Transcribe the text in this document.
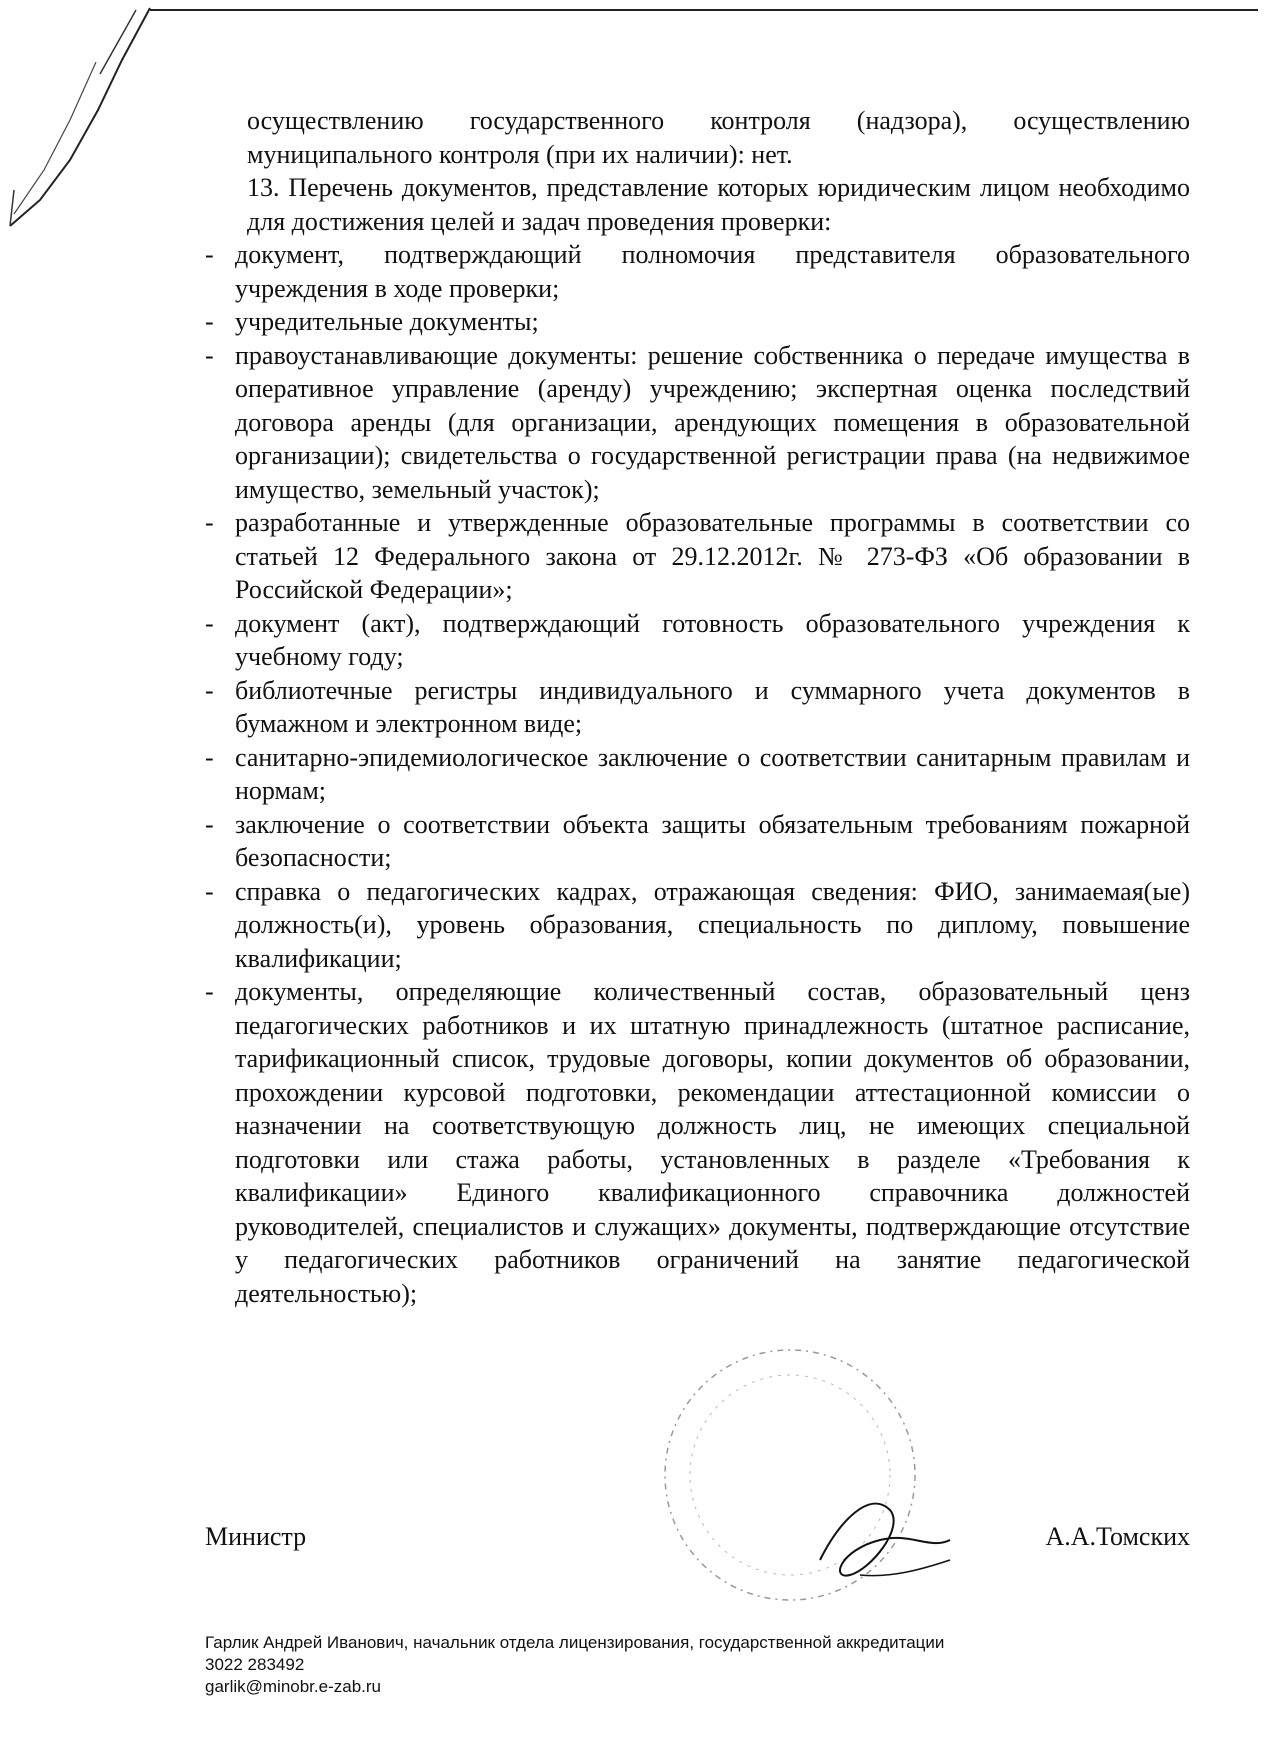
осуществлению государственного контроля (надзора), осуществлению муниципального контроля (при их наличии): нет.

13. Перечень документов, представление которых юридическим лицом необходимо для достижения целей и задач проведения проверки:

- документ, подтверждающий полномочия представителя образовательного учреждения в ходе проверки;
- учредительные документы;
- правоустанавливающие документы: решение собственника о передаче имущества в оперативное управление (аренду) учреждению; экспертная оценка последствий договора аренды (для организации, арендующих помещения в образовательной организации); свидетельства о государственной регистрации права (на недвижимое имущество, земельный участок);
- разработанные и утвержденные образовательные программы в соответствии со статьей 12 Федерального закона от 29.12.2012г. № 273-ФЗ «Об образовании в Российской Федерации»;
- документ (акт), подтверждающий готовность образовательного учреждения к учебному году;
- библиотечные регистры индивидуального и суммарного учета документов в бумажном и электронном виде;
- санитарно-эпидемиологическое заключение о соответствии санитарным правилам и нормам;
- заключение о соответствии объекта защиты обязательным требованиям пожарной безопасности;
- справка о педагогических кадрах, отражающая сведения: ФИО, занимаемая(ые) должность(и), уровень образования, специальность по диплому, повышение квалификации;
- документы, определяющие количественный состав, образовательный ценз педагогических работников и их штатную принадлежность (штатное расписание, тарификационный список, трудовые договоры, копии документов об образовании, прохождении курсовой подготовки, рекомендации аттестационной комиссии о назначении на соответствующую должность лиц, не имеющих специальной подготовки или стажа работы, установленных в разделе «Требования к квалификации» Единого квалификационного справочника должностей руководителей, специалистов и служащих» документы, подтверждающие отсутствие у педагогических работников ограничений на занятие педагогической деятельностью);
Министр	А.А.Томских
Гарлик Андрей Иванович, начальник отдела лицензирования, государственной аккредитации
3022 283492
garlik@minobr.e-zab.ru
